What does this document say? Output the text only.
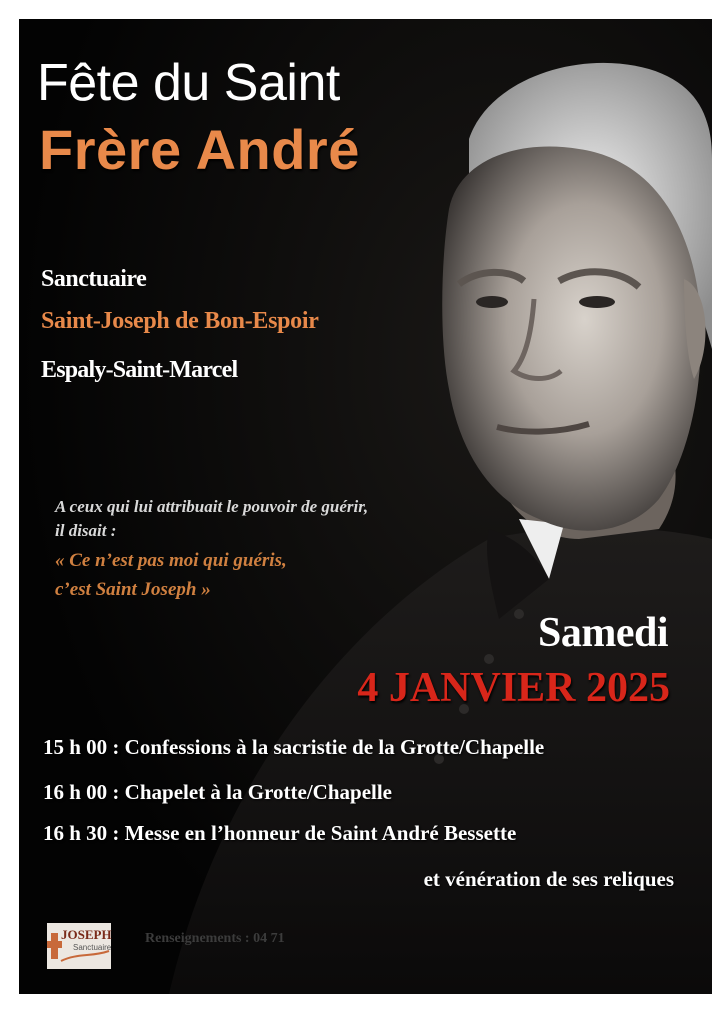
Fête du Saint
Frère André
Sanctuaire
Saint-Joseph de Bon-Espoir
Espaly-Saint-Marcel
A ceux qui lui attribuait le pouvoir de guérir,
il disait :
« Ce n’est pas moi qui guéris,
c’est Saint Joseph »
Samedi
4 JANVIER 2025
15 h 00 : Confessions à la sacristie de la Grotte/Chapelle
16 h 00 : Chapelet à la Grotte/Chapelle
16 h 30 : Messe en l’honneur de Saint André Bessette
et vénération de ses reliques
JOSEPH
Sanctuaire
Renseignements : 04 71
